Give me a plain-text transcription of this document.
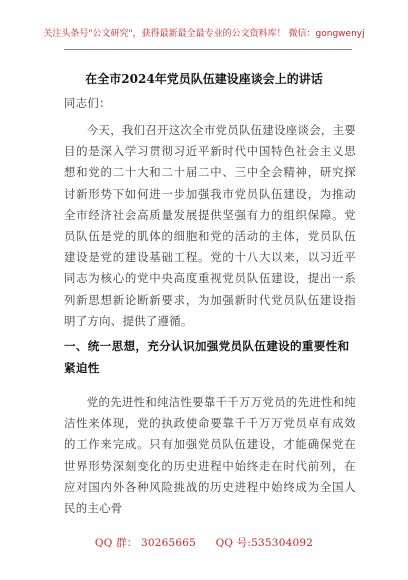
关注头条号"公文研究"，获得最新最全最专业的公文资料库！ 微信：gongwenyj
在全市2024年党员队伍建设座谈会上的讲话
同志们：
今天，我们召开这次全市党员队伍建设座谈会，主要目的是深入学习贯彻习近平新时代中国特色社会主义思想和党的二十大和二十届二中、三中全会精神，研究探讨新形势下如何进一步加强我市党员队伍建设，为推动全市经济社会高质量发展提供坚强有力的组织保障。党员队伍是党的肌体的细胞和党的活动的主体，党员队伍建设是党的建设基础工程。党的十八大以来，以习近平同志为核心的党中央高度重视党员队伍建设，提出一系列新思想新论断新要求，为加强新时代党员队伍建设指明了方向、提供了遵循。
一、统一思想，充分认识加强党员队伍建设的重要性和紧迫性
党的先进性和纯洁性要靠千千万万党员的先进性和纯洁性来体现，党的执政使命要靠千千万万党员卓有成效的工作来完成。只有加强党员队伍建设，才能确保党在世界形势深刻变化的历史进程中始终走在时代前列，在应对国内外各种风险挑战的历史进程中始终成为全国人民的主心骨
QQ 群： 30265665 QQ 号:535304092
